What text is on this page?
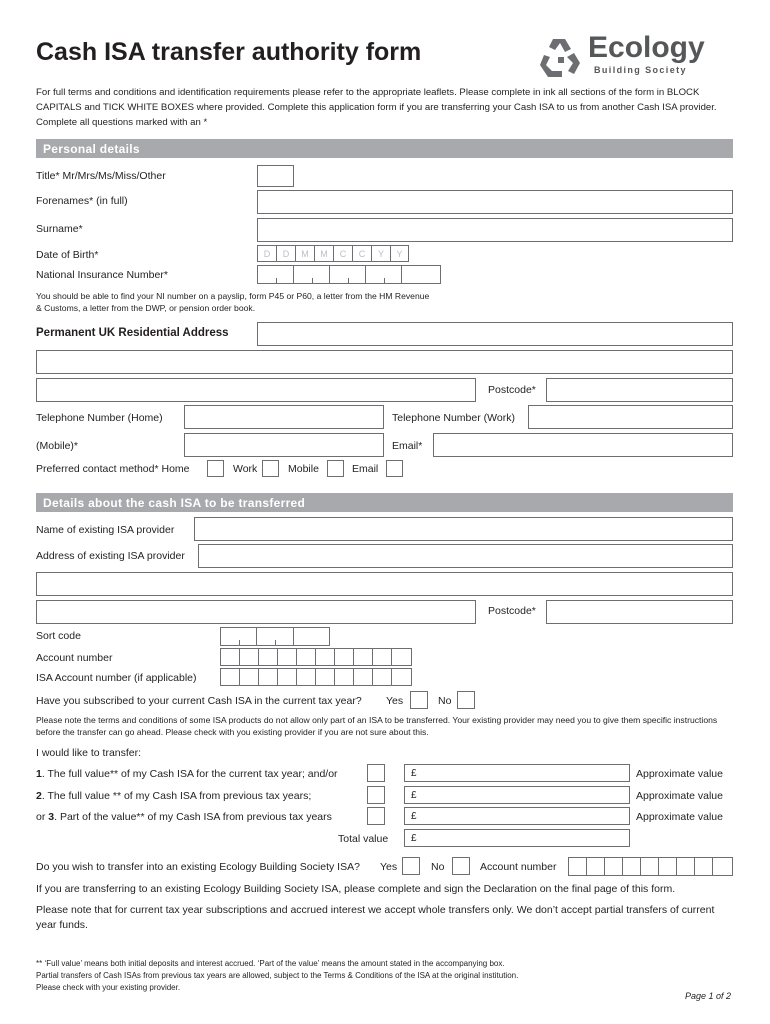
Cash ISA transfer authority form	Ecology
Building Society
For full terms and conditions and identification requirements please refer to the appropriate leaflets. Please complete in ink all sections of the form in BLOCK CAPITALS and TICK WHITE BOXES where provided. Complete this application form if you are transferring your Cash ISA to us from another Cash ISA provider. Complete all questions marked with an *
Personal details
Title* Mr/Mrs/Ms/Miss/Other
Forenames* (in full)
Surname*
Date of Birth*	D	D	M	M	C	C	Y	Y
National Insurance Number*
You should be able to find your NI number on a payslip, form P45 or P60, a letter from the HM Revenue & Customs, a letter from the DWP, or pension order book.
Permanent UK Residential Address
Postcode*
Telephone Number (Home)	Telephone Number (Work)
(Mobile)*	Email*
Preferred contact method* Home	Work	Mobile	Email
Details about the cash ISA to be transferred
Name of existing ISA provider
Address of existing ISA provider
Postcode*
Sort code
Account number
ISA Account number (if applicable)
Have you subscribed to your current Cash ISA in the current tax year? Yes	No
Please note the terms and conditions of some ISA products do not allow only part of an ISA to be transferred. Your existing provider may need you to give them specific instructions before the transfer can go ahead. Please check with you existing provider if you are not sure about this.
I would like to transfer:
1. The full value** of my Cash ISA for the current tax year; and/or	£	Approximate value
2. The full value ** of my Cash ISA from previous tax years;	£	Approximate value
or 3. Part of the value** of my Cash ISA from previous tax years	£	Approximate value
Total value £
Do you wish to transfer into an existing Ecology Building Society ISA? Yes	No	Account number
If you are transferring to an existing Ecology Building Society ISA, please complete and sign the Declaration on the final page of this form.
Please note that for current tax year subscriptions and accrued interest we accept whole transfers only. We don’t accept partial transfers of current year funds.
** ‘Full value’ means both initial deposits and interest accrued. ‘Part of the value’ means the amount stated in the accompanying box.
Partial transfers of Cash ISAs from previous tax years are allowed, subject to the Terms & Conditions of the ISA at the original institution.
Please check with your existing provider.
Page 1 of 2
